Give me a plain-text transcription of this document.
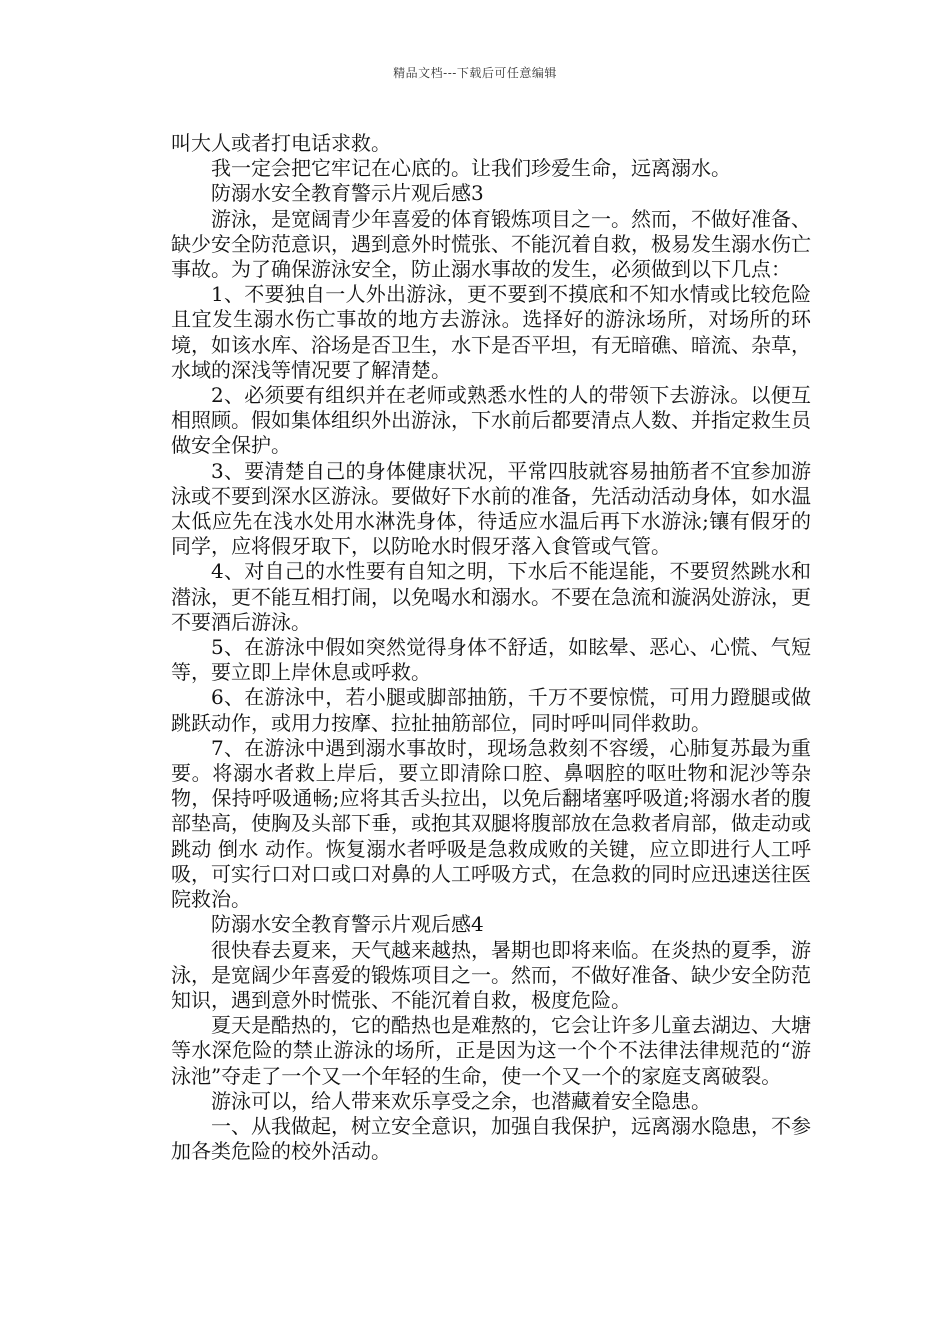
精品文档---下载后可任意编辑

叫大人或者打电话求救。

我一定会把它牢记在心底的。让我们珍爱生命，远离溺水。

防溺水安全教育警示片观后感3

游泳，是宽阔青少年喜爱的体育锻炼项目之一。然而，不做好准备、缺少安全防范意识，遇到意外时慌张、不能沉着自救，极易发生溺水伤亡事故。为了确保游泳安全，防止溺水事故的发生，必须做到以下几点：

1、不要独自一人外出游泳，更不要到不摸底和不知水情或比较危险且宜发生溺水伤亡事故的地方去游泳。选择好的游泳场所，对场所的环境，如该水库、浴场是否卫生，水下是否平坦，有无暗礁、暗流、杂草，水域的深浅等情况要了解清楚。

2、必须要有组织并在老师或熟悉水性的人的带领下去游泳。以便互相照顾。假如集体组织外出游泳，下水前后都要清点人数、并指定救生员做安全保护。

3、要清楚自己的身体健康状况，平常四肢就容易抽筋者不宜参加游泳或不要到深水区游泳。要做好下水前的准备，先活动活动身体，如水温太低应先在浅水处用水淋洗身体，待适应水温后再下水游泳;镶有假牙的同学，应将假牙取下，以防呛水时假牙落入食管或气管。

4、对自己的水性要有自知之明，下水后不能逞能，不要贸然跳水和潜泳，更不能互相打闹，以免喝水和溺水。不要在急流和漩涡处游泳，更不要酒后游泳。

5、在游泳中假如突然觉得身体不舒适，如眩晕、恶心、心慌、气短等，要立即上岸休息或呼救。

6、在游泳中，若小腿或脚部抽筋，千万不要惊慌，可用力蹬腿或做跳跃动作，或用力按摩、拉扯抽筋部位，同时呼叫同伴救助。

7、在游泳中遇到溺水事故时，现场急救刻不容缓，心肺复苏最为重要。将溺水者救上岸后，要立即清除口腔、鼻咽腔的呕吐物和泥沙等杂物，保持呼吸通畅;应将其舌头拉出，以免后翻堵塞呼吸道;将溺水者的腹部垫高，使胸及头部下垂，或抱其双腿将腹部放在急救者肩部，做走动或跳动 倒水 动作。恢复溺水者呼吸是急救成败的关键，应立即进行人工呼吸，可实行口对口或口对鼻的人工呼吸方式，在急救的同时应迅速送往医院救治。

防溺水安全教育警示片观后感4

很快春去夏来，天气越来越热，暑期也即将来临。在炎热的夏季，游泳，是宽阔少年喜爱的锻炼项目之一。然而，不做好准备、缺少安全防范知识，遇到意外时慌张、不能沉着自救，极度危险。

夏天是酷热的，它的酷热也是难熬的，它会让许多儿童去湖边、大塘等水深危险的禁止游泳的场所，正是因为这一个个不法律法律规范的“游泳池”夺走了一个又一个年轻的生命，使一个又一个的家庭支离破裂。

游泳可以，给人带来欢乐享受之余，也潜藏着安全隐患。

一、从我做起，树立安全意识，加强自我保护，远离溺水隐患，不参加各类危险的校外活动。
